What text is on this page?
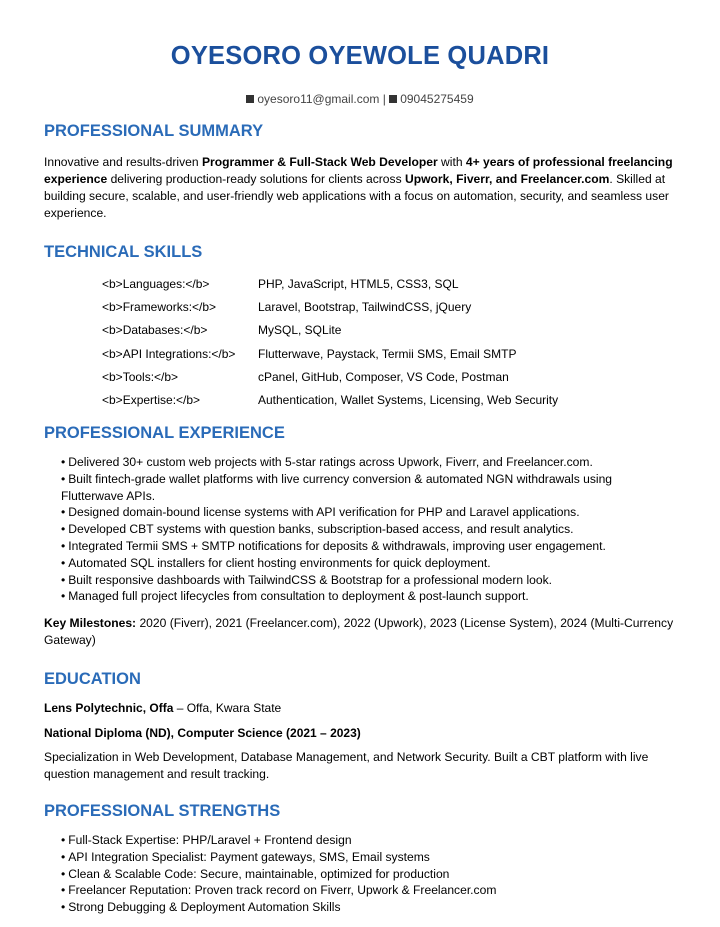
OYESORO OYEWOLE QUADRI
oyesoro11@gmail.com | 09045275459
PROFESSIONAL SUMMARY
Innovative and results-driven Programmer & Full-Stack Web Developer with 4+ years of professional freelancing experience delivering production-ready solutions for clients across Upwork, Fiverr, and Freelancer.com. Skilled at building secure, scalable, and user-friendly web applications with a focus on automation, security, and seamless user experience.
TECHNICAL SKILLS
<b>Languages:</b>	PHP, JavaScript, HTML5, CSS3, SQL
<b>Frameworks:</b>	Laravel, Bootstrap, TailwindCSS, jQuery
<b>Databases:</b>	MySQL, SQLite
<b>API Integrations:</b> Flutterwave, Paystack, Termii SMS, Email SMTP
<b>Tools:</b>	cPanel, GitHub, Composer, VS Code, Postman
<b>Expertise:</b>	Authentication, Wallet Systems, Licensing, Web Security
PROFESSIONAL EXPERIENCE
• Delivered 30+ custom web projects with 5-star ratings across Upwork, Fiverr, and Freelancer.com.
• Built fintech-grade wallet platforms with live currency conversion & automated NGN withdrawals using Flutterwave APIs.
• Designed domain-bound license systems with API verification for PHP and Laravel applications.
• Developed CBT systems with question banks, subscription-based access, and result analytics.
• Integrated Termii SMS + SMTP notifications for deposits & withdrawals, improving user engagement.
• Automated SQL installers for client hosting environments for quick deployment.
• Built responsive dashboards with TailwindCSS & Bootstrap for a professional modern look.
• Managed full project lifecycles from consultation to deployment & post-launch support.
Key Milestones: 2020 (Fiverr), 2021 (Freelancer.com), 2022 (Upwork), 2023 (License System), 2024 (Multi-Currency Gateway)
EDUCATION
Lens Polytechnic, Offa – Offa, Kwara State
National Diploma (ND), Computer Science (2021 – 2023)
Specialization in Web Development, Database Management, and Network Security. Built a CBT platform with live question management and result tracking.
PROFESSIONAL STRENGTHS
• Full-Stack Expertise: PHP/Laravel + Frontend design
• API Integration Specialist: Payment gateways, SMS, Email systems
• Clean & Scalable Code: Secure, maintainable, optimized for production
• Freelancer Reputation: Proven track record on Fiverr, Upwork & Freelancer.com
• Strong Debugging & Deployment Automation Skills
